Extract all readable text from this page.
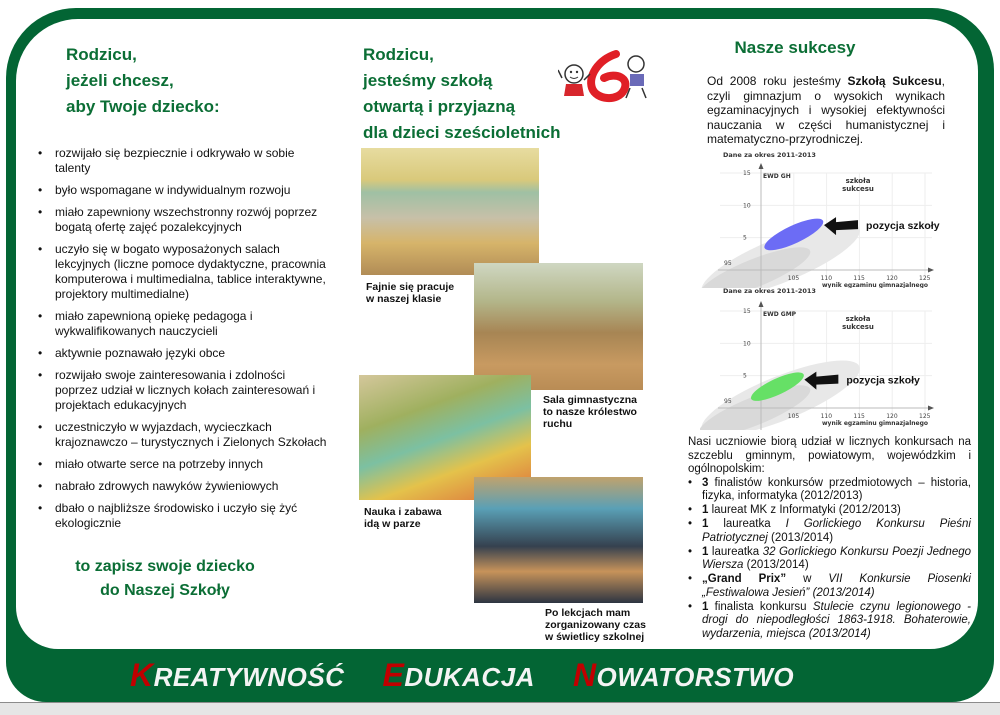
Rodzicu,
jeżeli chcesz,
aby Twoje dziecko:
• rozwijało się bezpiecznie i odkrywało w sobie talenty
• było wspomagane w indywidualnym rozwoju
• miało zapewniony wszechstronny rozwój poprzez bogatą ofertę zajęć pozalekcyjnych
• uczyło się w bogato wyposażonych salach lekcyjnych (liczne pomoce dydaktyczne, pracownia komputerowa i multimedialna, tablice interaktywne, projektory multimedialne)
• miało zapewnioną opiekę pedagoga i wykwalifikowanych nauczycieli
• aktywnie poznawało języki obce
• rozwijało swoje zainteresowania i zdolności poprzez udział w licznych kołach zainteresowań i projektach edukacyjnych
• uczestniczyło w wyjazdach, wycieczkach krajoznawczo – turystycznych i Zielonych Szkołach
• miało otwarte serce na potrzeby innych
• nabrało zdrowych nawyków żywieniowych
• dbało o najbliższe środowisko i uczyło się żyć ekologicznie
to zapisz swoje dziecko
do Naszej Szkoły
Rodzicu,
jesteśmy szkołą
otwartą i przyjazną
dla dzieci sześcioletnich
Fajnie się pracuje
w naszej klasie
Sala gimnastyczna
to nasze królestwo
ruchu
Nauka i zabawa
idą w parze
Po lekcjach mam
zorganizowany czas
w świetlicy szkolnej
Nasze sukcesy
Od 2008 roku jesteśmy Szkołą Sukcesu, czyli gimnazjum o wysokich wynikach egzaminacyjnych i wysokiej efektywności nauczania w części humanistycznej i matematyczno-przyrodniczej.
Dane za okres 2011-2013
5
10
15
95
105	110	115	120	125
wynik egzaminu gimnazjalnego
EWD GH
szkoła
sukcesu
pozycja szkoły
Dane za okres 2011-2013
5
10
15
95
105	110	115	120	125
wynik egzaminu gimnazjalnego
EWD GMP
szkoła
sukcesu
pozycja szkoły
Nasi uczniowie biorą udział w licznych konkursach na szczeblu gminnym, powiatowym, wojewódzkim i ogólnopolskim:
• 3 finalistów konkursów przedmiotowych – historia, fizyka, informatyka (2012/2013)
• 1 laureat MK z Informatyki (2012/2013)
• 1 laureatka I Gorlickiego Konkursu Pieśni Patriotycznej (2013/2014)
• 1 laureatka 32 Gorlickiego Konkursu Poezji Jednego Wiersza (2013/2014)
• „Grand Prix” w VII Konkursie Piosenki „Festiwalowa Jesień” (2013/2014)
• 1 finalista konkursu Stulecie czynu legionowego - drogi do niepodległości 1863-1918. Bohaterowie, wydarzenia, miejsca (2013/2014)
KREATYWNOŚĆ EDUKACJA NOWATORSTWO
